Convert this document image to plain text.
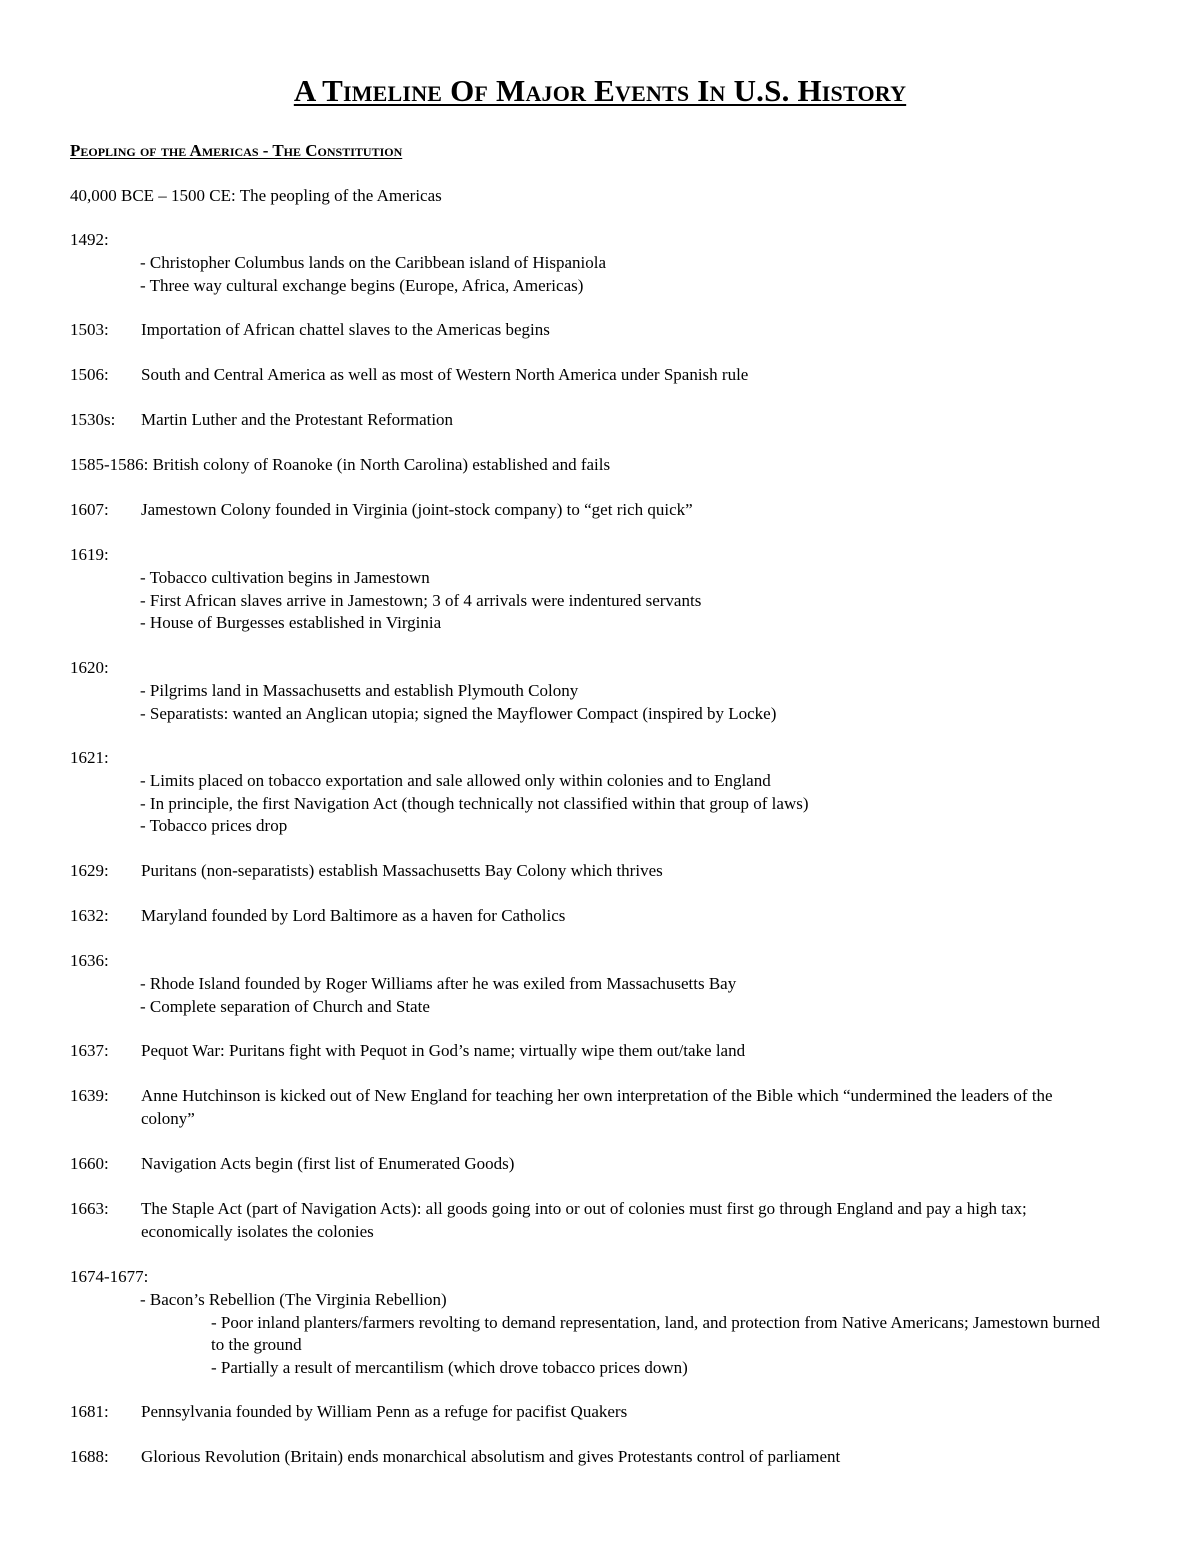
A Timeline Of Major Events In U.S. History
Peopling of the Americas - The Constitution
40,000 BCE – 1500 CE: The peopling of the Americas
1492:
- Christopher Columbus lands on the Caribbean island of Hispaniola
- Three way cultural exchange begins (Europe, Africa, Americas)
1503: Importation of African chattel slaves to the Americas begins
1506: South and Central America as well as most of Western North America under Spanish rule
1530s: Martin Luther and the Protestant Reformation
1585-1586: British colony of Roanoke (in North Carolina) established and fails
1607: Jamestown Colony founded in Virginia (joint-stock company) to “get rich quick”
1619:
- Tobacco cultivation begins in Jamestown
- First African slaves arrive in Jamestown; 3 of 4 arrivals were indentured servants
- House of Burgesses established in Virginia
1620:
- Pilgrims land in Massachusetts and establish Plymouth Colony
- Separatists: wanted an Anglican utopia; signed the Mayflower Compact (inspired by Locke)
1621:
- Limits placed on tobacco exportation and sale allowed only within colonies and to England
- In principle, the first Navigation Act (though technically not classified within that group of laws)
- Tobacco prices drop
1629: Puritans (non-separatists) establish Massachusetts Bay Colony which thrives
1632: Maryland founded by Lord Baltimore as a haven for Catholics
1636:
- Rhode Island founded by Roger Williams after he was exiled from Massachusetts Bay
- Complete separation of Church and State
1637: Pequot War: Puritans fight with Pequot in God’s name; virtually wipe them out/take land
1639: Anne Hutchinson is kicked out of New England for teaching her own interpretation of the Bible which “undermined the leaders of the colony”
1660: Navigation Acts begin (first list of Enumerated Goods)
1663: The Staple Act (part of Navigation Acts): all goods going into or out of colonies must first go through England and pay a high tax; economically isolates the colonies
1674-1677:
- Bacon’s Rebellion (The Virginia Rebellion)
- Poor inland planters/farmers revolting to demand representation, land, and protection from Native Americans; Jamestown burned to the ground
- Partially a result of mercantilism (which drove tobacco prices down)
1681: Pennsylvania founded by William Penn as a refuge for pacifist Quakers
1688: Glorious Revolution (Britain) ends monarchical absolutism and gives Protestants control of parliament
